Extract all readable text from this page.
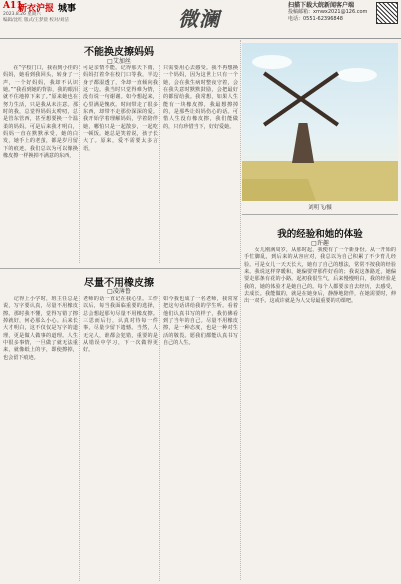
A11
新衣沪报 城事
2023.8.26 星期六
编辑/沈红 版式/王梦晨 校对/刘洁	微澜
扫描下载大皖新闻客户端
投稿邮箱：xmwx2021@126.com
电话：0551-62396848
不能换皮擦妈妈
□艾加丝
　　在“学校门口，我看到小佳的妈妈，她看到我回头，转身了一声，一个好妈妈，我却不认识她。”“我看到她的背影，我的眼泪就不住地掉下来了。”原来她也在努力生活，只是我从未注意。那时的我，总觉得妈妈太唠叨，总是管东管西，甚至想要换一个温柔的妈妈。可是后来我才明白，妈妈一直在默默承受，她的白发，她手上的老茧，都是岁月留下的痕迹。我们总以为可以像换橡皮擦一样换掉不满意的东西，
可是亲情不能。记得那天下雨，妈妈打着伞在校门口等我，半边身子都湿透了，伞却一直倾向我这一边。我当时只觉得难为情，没有说一句谢谢。如今想起来，心里满是愧疚。时间带走了很多东西，却带不走那份深深的爱。我开始学着理解妈妈，学着陪伴她，哪怕只是一起散步，一起吃一顿饭。她总是笑着说，孩子长大了。原来，爱不需要太多言语，
只需要用心去感受。我不再想换一个妈妈，因为这世上只有一个她，会在我生病时整夜守着，会在我失意时默默鼓励，会把最好的都留给我。我常想，如果人生能有一块橡皮擦，我最想擦掉的，是那些让妈妈伤心的话。可惜人生没有橡皮擦，我们能做的，只有珍惜当下，好好爱她。
刘明飞/摄
我的经验和她的体验
□许趣
　　女儿刚满周岁，从那时起，我便有了一个新身份。从一开始的手忙脚乱，到后来的从容应对，我总以为自己积累了不少育儿经验。可是女儿一天天长大，她有了自己的想法，常常不按我的经验来。我说这样穿暖和，她偏要穿那件好看的；我说这条路近，她偏要走那条有花的小路。起初我很生气，后来慢慢明白，我的经验是我的，她的体验才是她自己的。每个人都要亲自去经历，去感受，去成长。我能做的，就是在她身后，静静地陪伴，在她需要时，伸出一双手。这或许就是为人父母最重要的功课吧。
尽量不用橡皮擦
□凌薄鲁
　　记得上小学时，班主任总是说，写字要认真，尽量不用橡皮擦。那时我不懂，觉得写错了擦掉就好，何必那么小心。后来长大才明白，这不仅仅是写字的道理，更是做人做事的道理。人生中很多事情，一旦做了就无法重来，就像纸上的字，即使擦掉，也会留下痕迹。
老师的话一直记在我心里。工作以后，每当我面临重要的选择，总会想起那句尽量不用橡皮擦。三思而后行，认真对待每一件事，尽量少留下遗憾。当然，人无完人，谁都会犯错，重要的是从错误中学习，下一次做得更好。
如今我也成了一名老师，我常常把这句话讲给我的学生听。看着他们认真书写的样子，我仿佛看到了当年的自己。尽量不用橡皮擦，是一种态度，也是一种对生活的敬畏。愿我们都能认真书写自己的人生。
